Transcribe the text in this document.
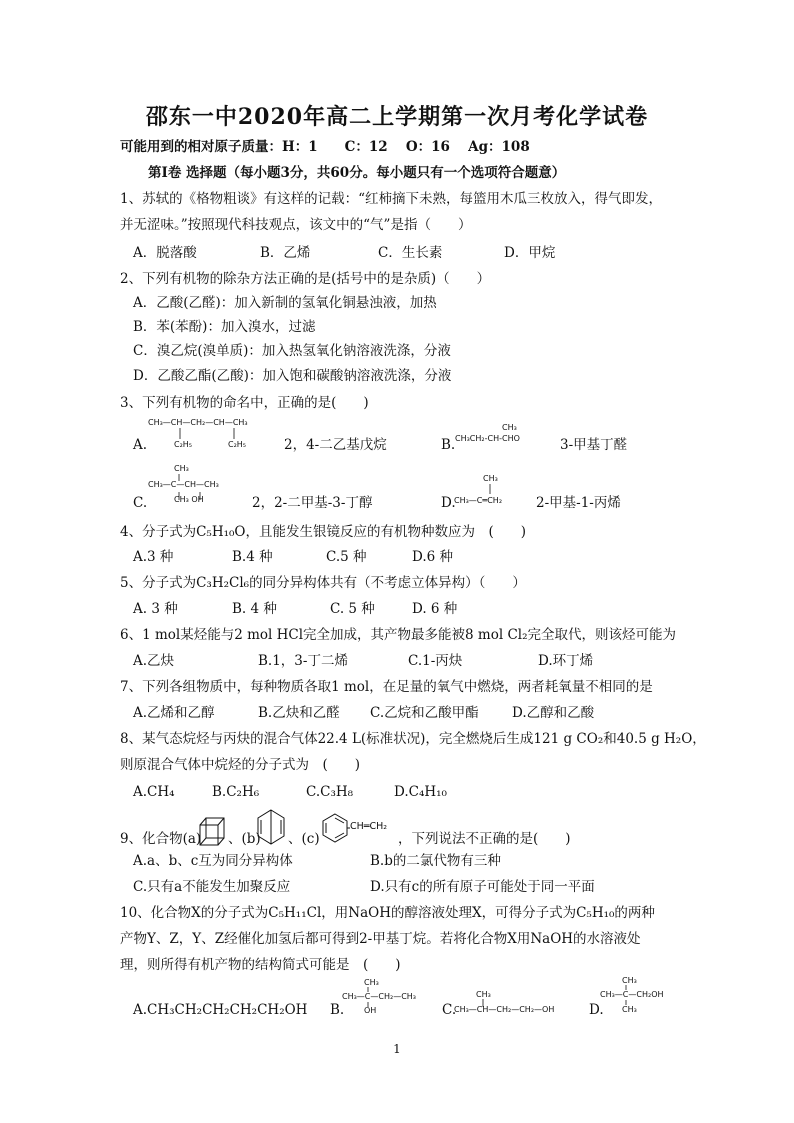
邵东一中2020年高二上学期第一次月考化学试卷
可能用到的相对原子质量：H：1　　C：12　 O：16　 Ag：108
第Ⅰ卷 选择题（每小题3分，共60分。每小题只有一个选项符合题意）
1、苏轼的《格物粗谈》有这样的记载：“红柿摘下未熟，每篮用木瓜三枚放入，得气即发，
并无涩味。”按照现代科技观点，该文中的“气”是指（　　）
A．脱落酸	B．乙烯	C．生长素	D．甲烷
2、下列有机物的除杂方法正确的是(括号中的是杂质)（　　）
A．乙酸(乙醛)：加入新制的氢氧化铜悬浊液，加热
B．苯(苯酚)：加入溴水，过滤
C．溴乙烷(溴单质)：加入热氢氧化钠溶液洗涤，分液
D．乙酸乙酯(乙酸)：加入饱和碳酸钠溶液洗涤，分液
3、下列有机物的命名中，正确的是(　　)
A.
CH₃—CH—CH₂—CH—CH₃
C₂H₅	C₂H₅	2，4-二乙基戊烷	B.
CH₃
CH₃CH₂-CH-CHO	3-甲基丁醛
CH₃
CH₃—C—CH—CH₃
CH₃ OH
C.	2，2-二甲基-3-丁醇	D.
CH₃
CH₃—C═CH₂	2-甲基-1-丙烯
4、分子式为C₅H₁₀O，且能发生银镜反应的有机物种数应为　(　　)
A.3 种	B.4 种	C.5 种	D.6 种
5、分子式为C₃H₂Cl₆的同分异构体共有（不考虑立体异构）（　　）
A. 3 种	B. 4 种	C. 5 种	D. 6 种
6、1 mol某烃能与2 mol HCl完全加成，其产物最多能被8 mol Cl₂完全取代，则该烃可能为
A.乙炔	B.1，3-丁二烯	C.1-丙炔	D.环丁烯
7、下列各组物质中，每种物质各取1 mol，在足量的氧气中燃烧，两者耗氧量不相同的是
A.乙烯和乙醇	B.乙炔和乙醛 C.乙烷和乙酸甲酯 D.乙醇和乙酸
8、某气态烷烃与丙炔的混合气体22.4 L(标准状况)，完全燃烧后生成121 g CO₂和40.5 g H₂O，
则原混合气体中烷烃的分子式为　(　　)
A.CH₄	B.C₂H₆	C.C₃H₈	D.C₄H₁₀
9、化合物(a) 、(b) 、(c)
CH═CH₂
，下列说法不正确的是(　　)
A.a、b、c互为同分异构体	B.b的二氯代物有三种
C.只有a不能发生加聚反应	D.只有c的所有原子可能处于同一平面
10、化合物X的分子式为C₅H₁₁Cl，用NaOH的醇溶液处理X，可得分子式为C₅H₁₀的两种
产物Y、Z，Y、Z经催化加氢后都可得到2-甲基丁烷。若将化合物X用NaOH的水溶液处
理，则所得有机产物的结构简式可能是　(　　)
A.CH₃CH₂CH₂CH₂CH₂OH B.
CH₃
CH₃—C—CH₂—CH₃
OH	C.
CH₃
CH₃—CH—CH₂—CH₂—OH	D.
CH₃
CH₃—C—CH₂OH
CH₃
1
